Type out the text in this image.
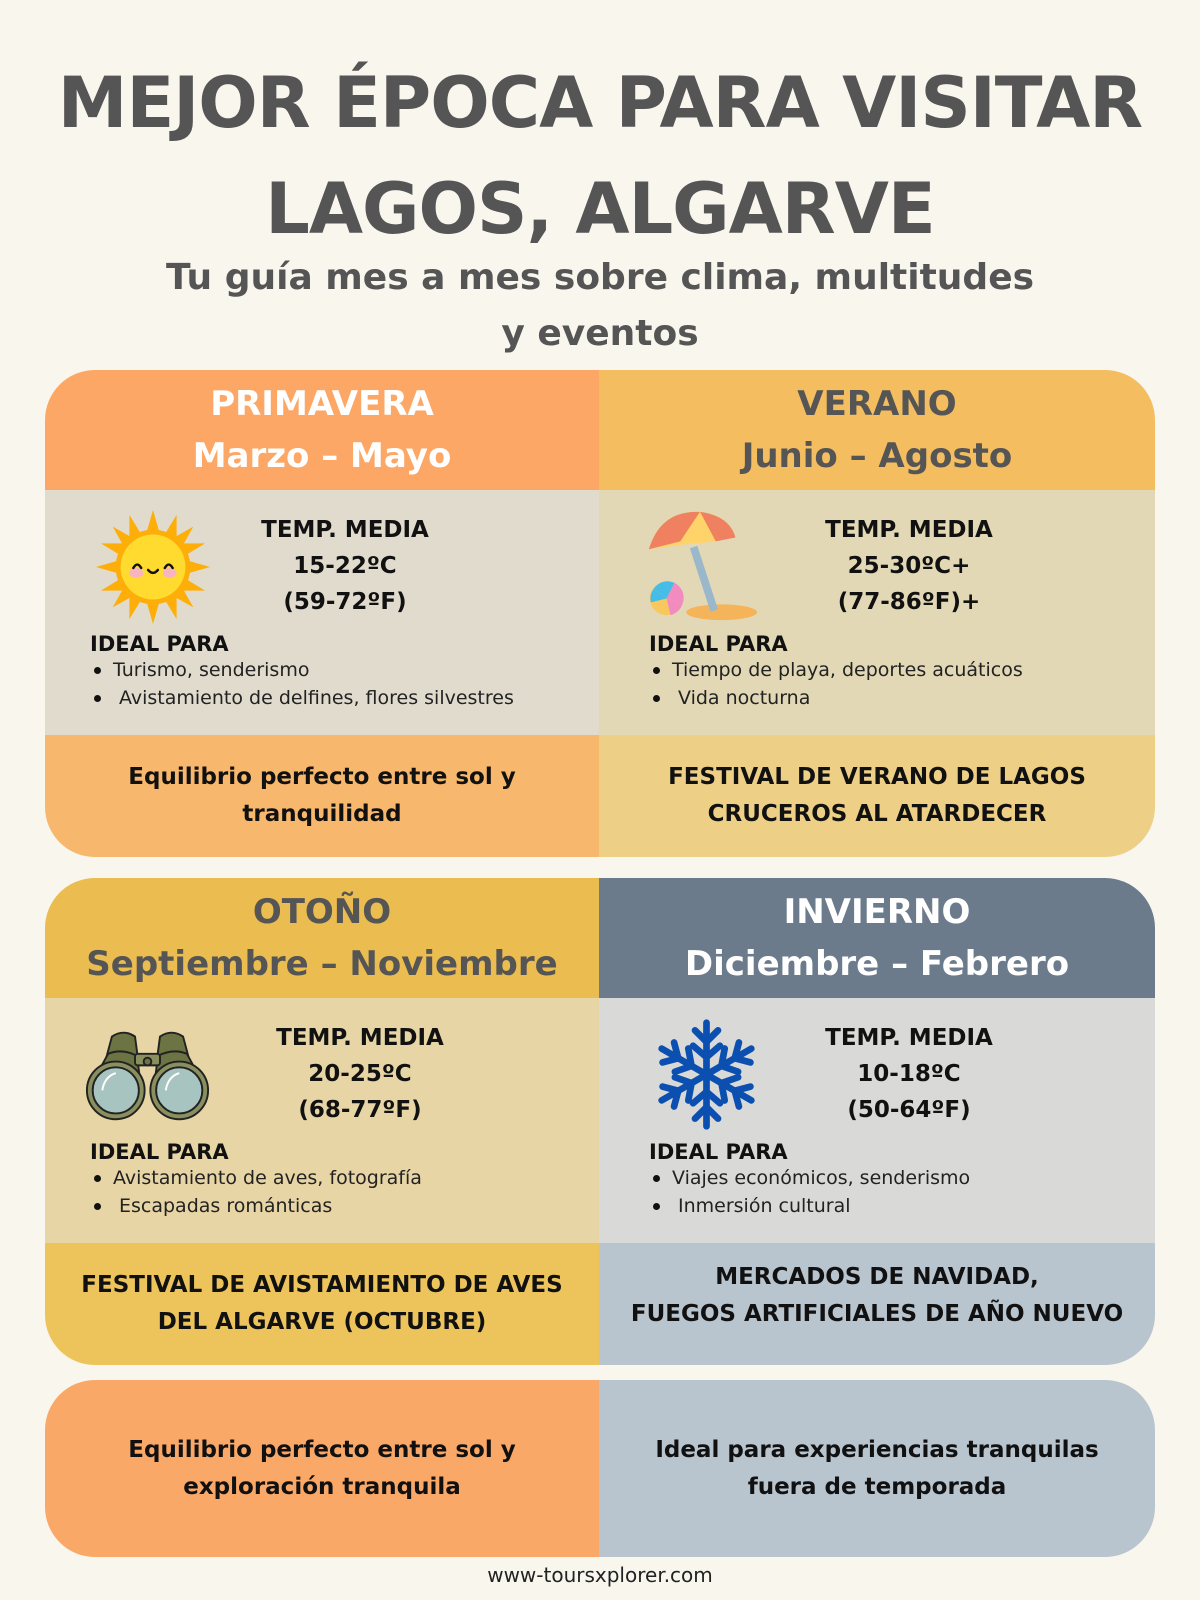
MEJOR ÉPOCA PARA VISITAR
LAGOS, ALGARVE
Tu guía mes a mes sobre clima, multitudes y eventos
PRIMAVERA
Marzo – Mayo
VERANO
Junio – Agosto
TEMP. MEDIA
15-22ºC
(59-72ºF)
IDEAL PARA
Turismo, senderismo
Avistamiento de delfines, flores silvestres
TEMP. MEDIA
25-30ºC+
(77-86ºF)+
IDEAL PARA
Tiempo de playa, deportes acuáticos
Vida nocturna
Equilibrio perfecto entre sol y
tranquilidad
FESTIVAL DE VERANO DE LAGOS
CRUCEROS AL ATARDECER
OTOÑO
Septiembre – Noviembre
INVIERNO
Diciembre – Febrero
TEMP. MEDIA
20-25ºC
(68-77ºF)
IDEAL PARA
Avistamiento de aves, fotografía
Escapadas románticas
TEMP. MEDIA
10-18ºC
(50-64ºF)
IDEAL PARA
Viajes económicos, senderismo
Inmersión cultural
FESTIVAL DE AVISTAMIENTO DE AVES
DEL ALGARVE (OCTUBRE)
MERCADOS DE NAVIDAD,
FUEGOS ARTIFICIALES DE AÑO NUEVO
Equilibrio perfecto entre sol y
exploración tranquila
Ideal para experiencias tranquilas
fuera de temporada
www-toursxplorer.com
